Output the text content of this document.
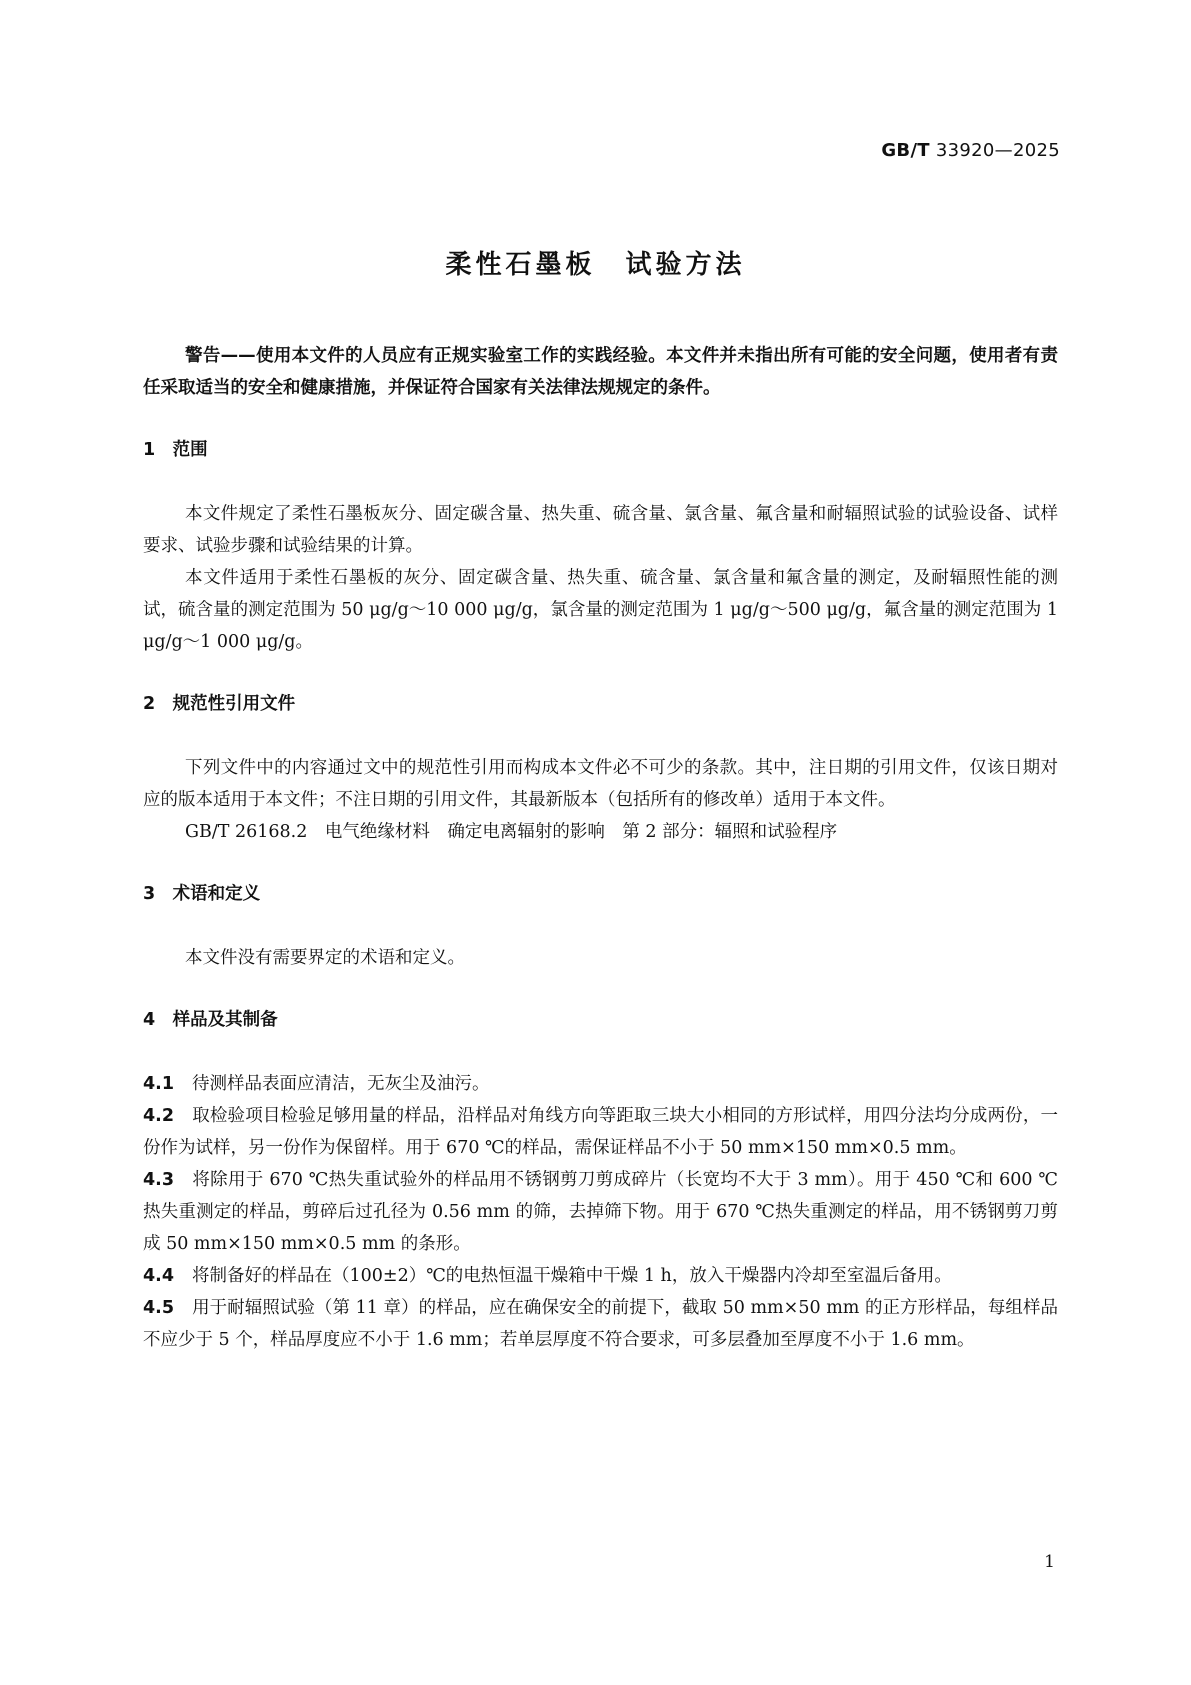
GB/T 33920—2025
柔性石墨板　试验方法

警告——使用本文件的人员应有正规实验室工作的实践经验。本文件并未指出所有可能的安全问题，使用者有责任采取适当的安全和健康措施，并保证符合国家有关法律法规规定的条件。

1　范围

本文件规定了柔性石墨板灰分、固定碳含量、热失重、硫含量、氯含量、氟含量和耐辐照试验的试验设备、试样要求、试验步骤和试验结果的计算。

本文件适用于柔性石墨板的灰分、固定碳含量、热失重、硫含量、氯含量和氟含量的测定，及耐辐照性能的测试，硫含量的测定范围为 50 μg/g～10 000 μg/g，氯含量的测定范围为 1 μg/g～500 μg/g，氟含量的测定范围为 1 μg/g～1 000 μg/g。

2　规范性引用文件

下列文件中的内容通过文中的规范性引用而构成本文件必不可少的条款。其中，注日期的引用文件，仅该日期对应的版本适用于本文件；不注日期的引用文件，其最新版本（包括所有的修改单）适用于本文件。

GB/T 26168.2　电气绝缘材料　确定电离辐射的影响　第 2 部分：辐照和试验程序

3　术语和定义

本文件没有需要界定的术语和定义。

4　样品及其制备

4.1 待测样品表面应清洁，无灰尘及油污。

4.2 取检验项目检验足够用量的样品，沿样品对角线方向等距取三块大小相同的方形试样，用四分法均分成两份，一份作为试样，另一份作为保留样。用于 670 ℃的样品，需保证样品不小于 50 mm×150 mm×0.5 mm。

4.3 将除用于 670 ℃热失重试验外的样品用不锈钢剪刀剪成碎片（长宽均不大于 3 mm）。用于 450 ℃和 600 ℃热失重测定的样品，剪碎后过孔径为 0.56 mm 的筛，去掉筛下物。用于 670 ℃热失重测定的样品，用不锈钢剪刀剪成 50 mm×150 mm×0.5 mm 的条形。

4.4 将制备好的样品在（100±2）℃的电热恒温干燥箱中干燥 1 h，放入干燥器内冷却至室温后备用。

4.5 用于耐辐照试验（第 11 章）的样品，应在确保安全的前提下，截取 50 mm×50 mm 的正方形样品，每组样品不应少于 5 个，样品厚度应不小于 1.6 mm；若单层厚度不符合要求，可多层叠加至厚度不小于 1.6 mm。

1
